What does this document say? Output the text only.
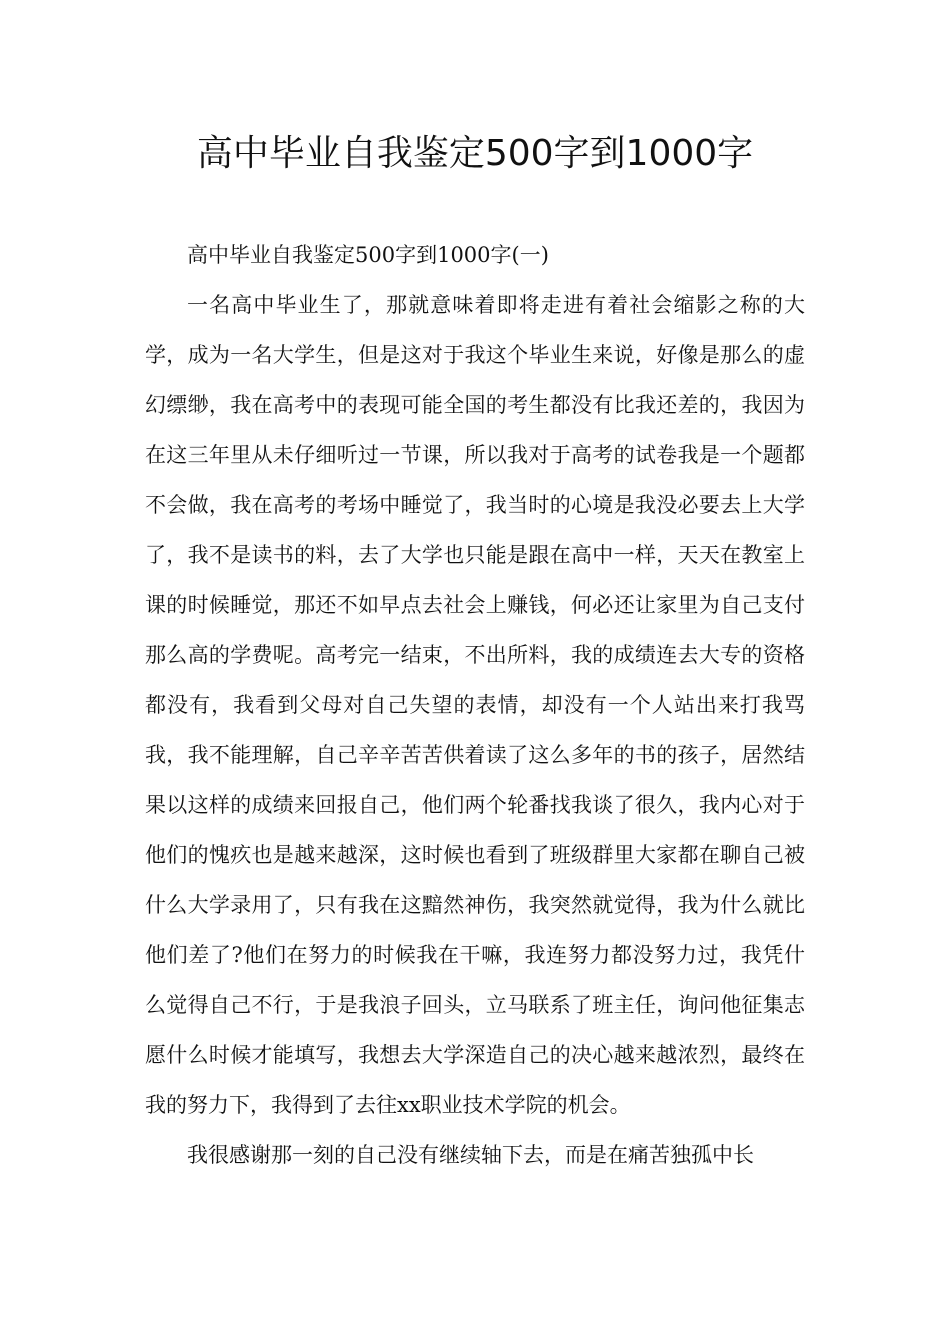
高中毕业自我鉴定500字到1000字

高中毕业自我鉴定500字到1000字(一)

一名高中毕业生了，那就意味着即将走进有着社会缩影之称的大学，成为一名大学生，但是这对于我这个毕业生来说，好像是那么的虚幻缥缈，我在高考中的表现可能全国的考生都没有比我还差的，我因为在这三年里从未仔细听过一节课，所以我对于高考的试卷我是一个题都不会做，我在高考的考场中睡觉了，我当时的心境是我没必要去上大学了，我不是读书的料，去了大学也只能是跟在高中一样，天天在教室上课的时候睡觉，那还不如早点去社会上赚钱，何必还让家里为自己支付那么高的学费呢。高考完一结束，不出所料，我的成绩连去大专的资格都没有，我看到父母对自己失望的表情，却没有一个人站出来打我骂我，我不能理解，自己辛辛苦苦供着读了这么多年的书的孩子，居然结果以这样的成绩来回报自己，他们两个轮番找我谈了很久，我内心对于他们的愧疚也是越来越深，这时候也看到了班级群里大家都在聊自己被什么大学录用了，只有我在这黯然神伤，我突然就觉得，我为什么就比他们差了?他们在努力的时候我在干嘛，我连努力都没努力过，我凭什么觉得自己不行，于是我浪子回头，立马联系了班主任，询问他征集志愿什么时候才能填写，我想去大学深造自己的决心越来越浓烈，最终在我的努力下，我得到了去往xx职业技术学院的机会。

我很感谢那一刻的自己没有继续轴下去，而是在痛苦独孤中长
